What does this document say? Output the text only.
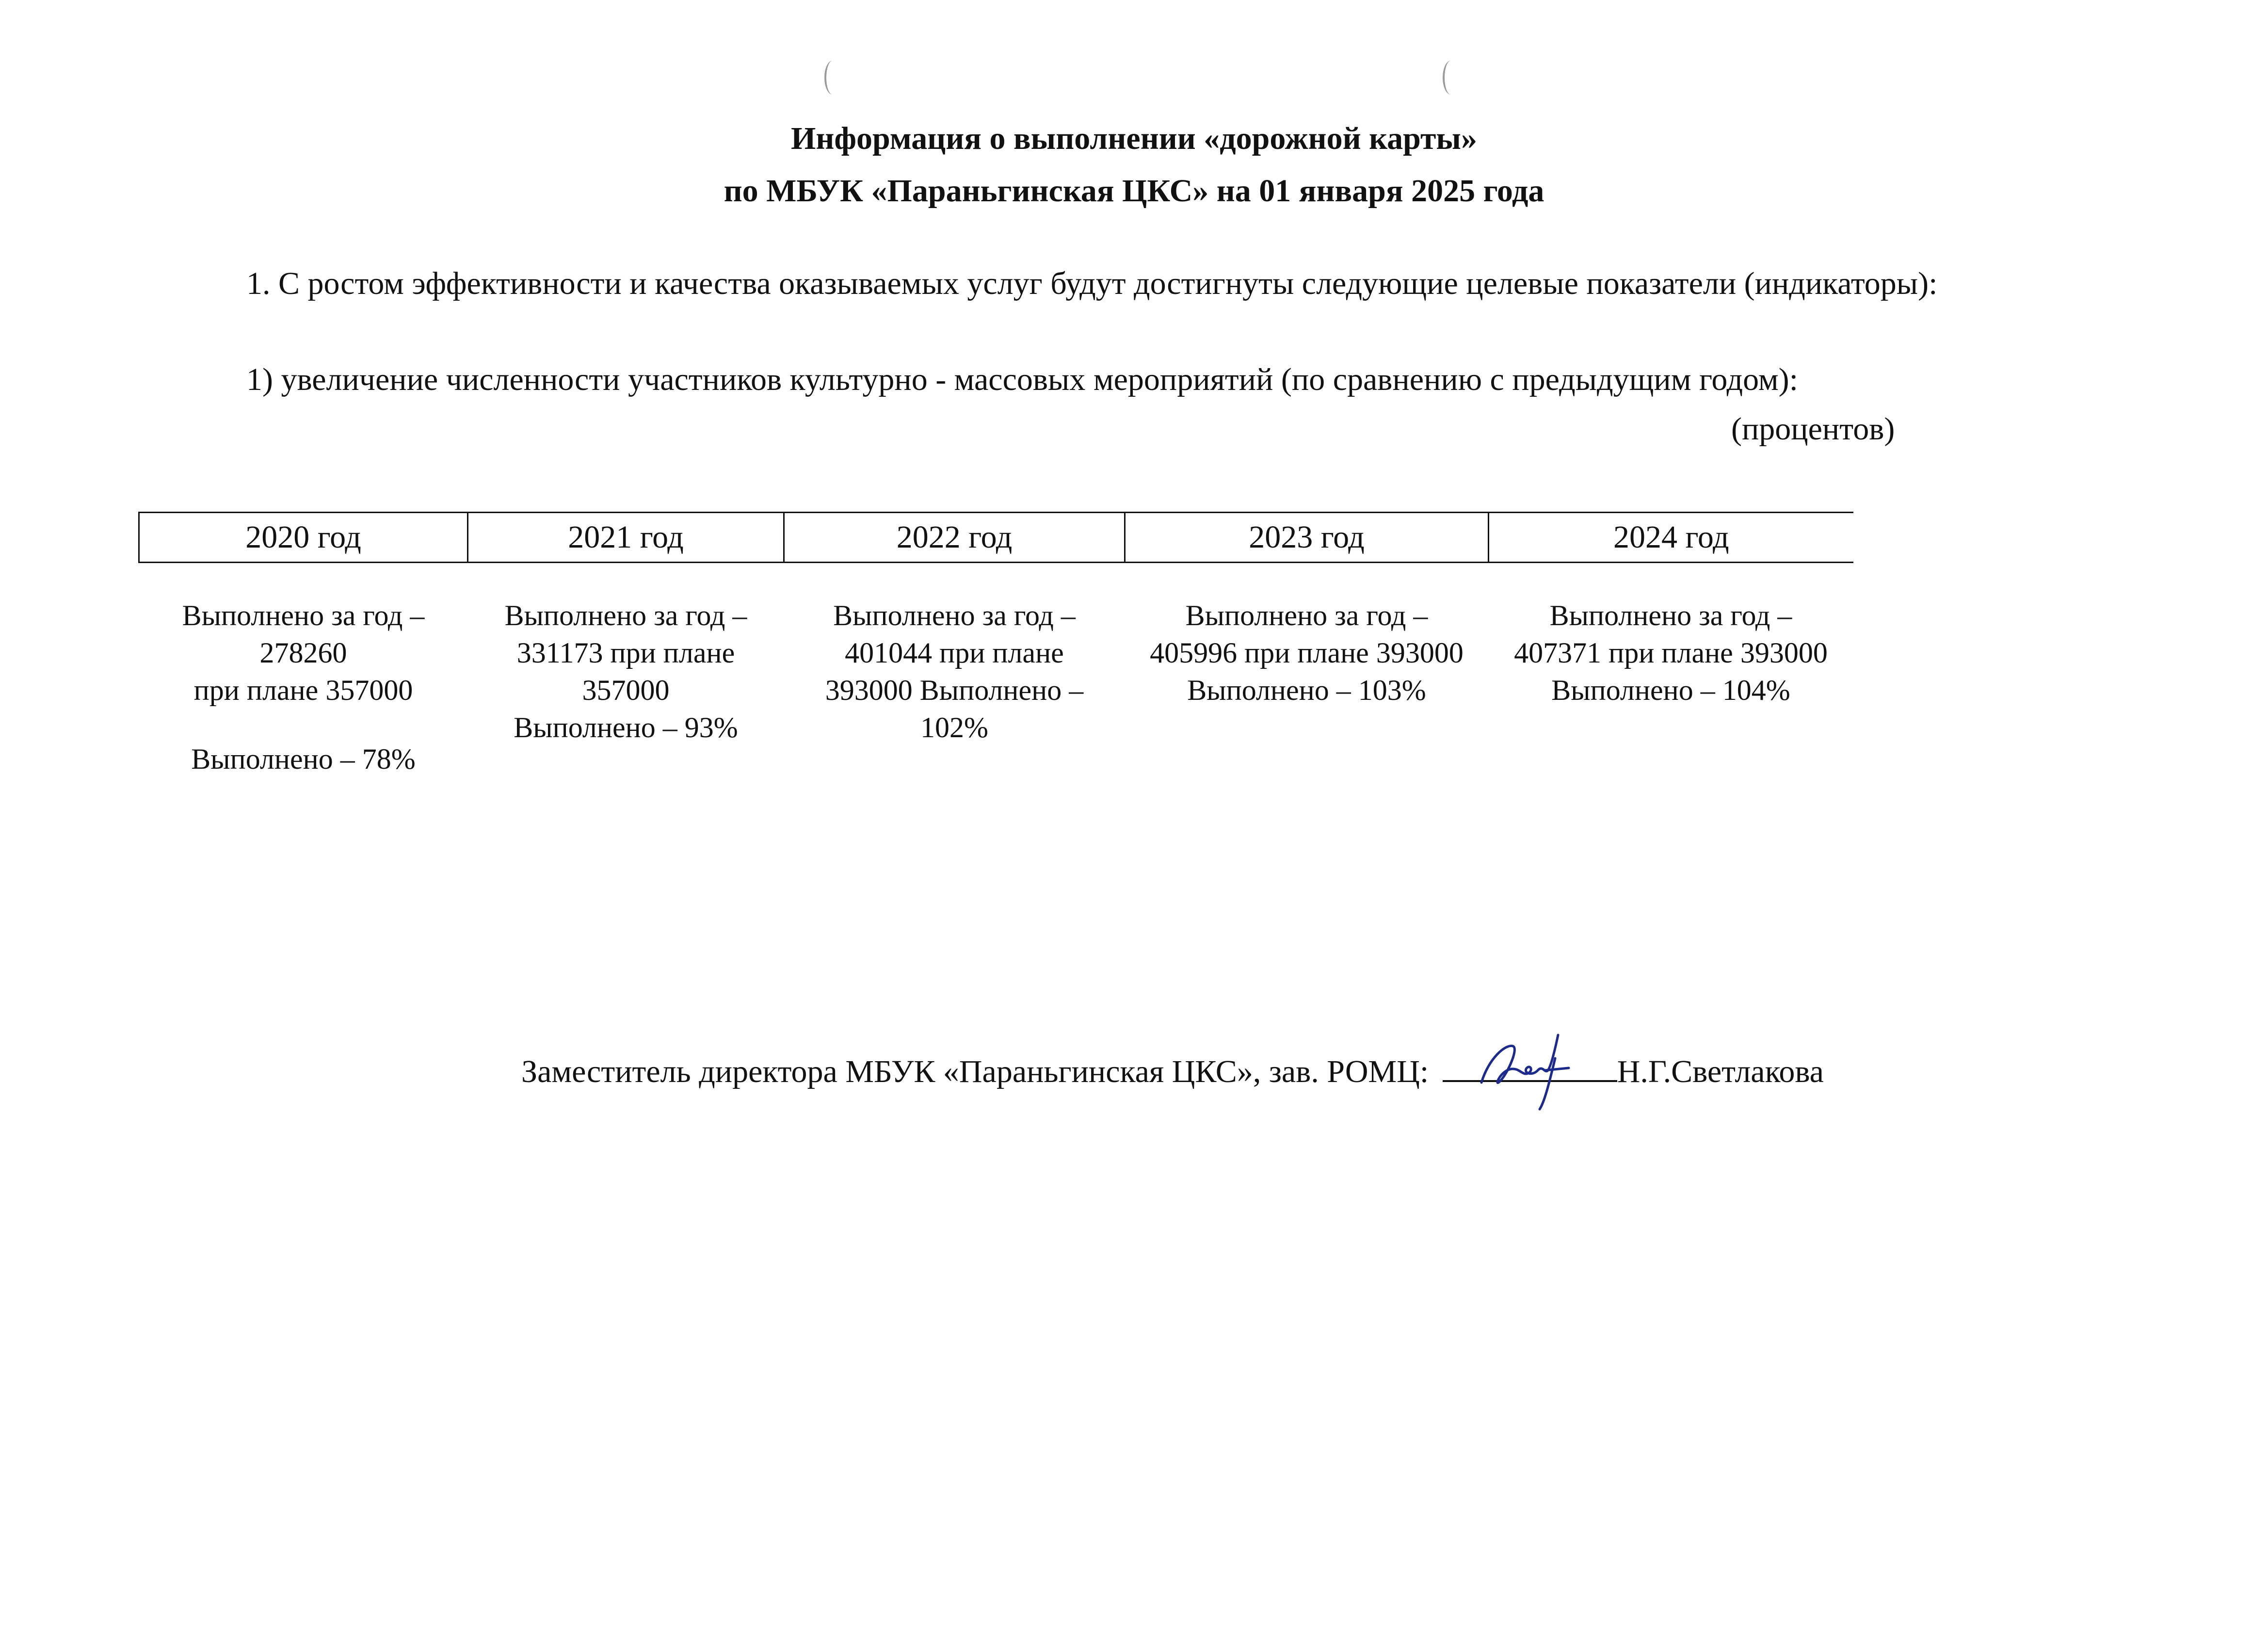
Информация о выполнении «дорожной карты»
по МБУК «Параньгинская ЦКС» на 01 января 2025 года
1. С ростом эффективности и качества оказываемых услуг будут достигнуты следующие целевые показатели (индикаторы):
1) увеличение численности участников культурно - массовых мероприятий (по сравнению с предыдущим годом):
(процентов)
2020 год	2021 год	2022 год	2023 год	2024 год

Выполнено за год –
278260
при плане 357000
Выполнено – 78%	Выполнено за год –
331173 при плане
357000
Выполнено – 93%	Выполнено за год –
401044 при плане
393000 Выполнено –
102%	Выполнено за год –
405996 при плане 393000
Выполнено – 103%	Выполнено за год –
407371 при плане 393000
Выполнено – 104%
Заместитель директора МБУК «Параньгинская ЦКС», зав. РОМЦ:	Н.Г.Светлакова
